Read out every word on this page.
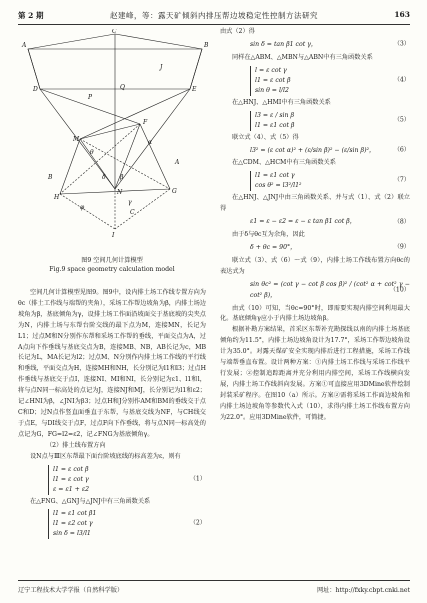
第 2 期	赵建峰，等：露天矿倾斜内排压帮边坡稳定性控制方法研究	163
A	B
C
D	E
M
F
N
H
G
I
J
Q
P
A
B
C
β
δ
γ
θ
α
φ
图9 空间几何计算模型
Fig.9 space geometry calculation model

空间几何计算模型见图9。图9中，设内排土场工作线专置方向为θc（排土工作线与端帮的夹角），采场工作帮边坡角为β，内排土场边坡角为β，基底倾角为γ，设排土场工作面沿坡面交于基底坡的尖夹点为N，内排土场与东帮台阶交线的最下点为M，连接MN，长记为L1；过点M和N分别作东帮和采场工作帮的垂线，平面交点为A，过A点向下作垂线与基底交点为B，连接MB、NB，AB长记为c，MB长记为L，MA长记为l2；过点M、N分别作内排土场工作线的平行线和垂线，平面交点为H，连接MH和NH，长分别记为l1和l3；过点H作垂线与基底交于点I，连接NI、MI和NI，长分别记为ε1、l1和l，将与点N同一标高处的点记为J，连接NJ和MJ，长分别记为l1和ε2；记∠HNI为β，∠JNI为β3；过点H和J分别作AM和BM的垂线交于点C和D；过N点作竖直面垂直于东帮，与基底交线为NF，与CH线交于点E，与DI线交于点F，过点F向下作垂线，将与点N同一标高处的点记为G，FG=l2=ε2，记∠FNG为基底倾角γ。

（2）排土线布置方向

设N点与Ⅲ区东帮最下面台阶坡底线的标高差为ε，则有

l1 = ε cot β
l1 = ε cot γ
ε = ε1 + ε2
（1）

在△FNG、△GNJ与△JNJ中有三角函数关系

l1 = ε1 cot β1
l1 = ε2 cot γ
sin δ = l3/l1
（2）

由式（2）得

sin δ = tan β1 cot γ，	（3）

同样在△ABM、△MBN与△ABN中有三角函数关系

l = ε cot γ
l1 = ε cot β
sin θ = l/l2
（4）

在△HNJ、△HMI中有三角函数关系

l3 = ε / sin β
l1 = ε1 cot β
（5）

联立式（4）、式（5）得

l3² = (ε cot α)² + (ε/sin β)² − (ε/sin β)²，	（6）

在△CDM、△HCM中有三角函数关系

l1 = ε1 cot γ
cos θ² = l3²/l1²
（7）

在△HNJ、△JNJ中由三角函数关系、并与式（1）、式（2）联立得

ε1 = ε − ε2 = ε − ε tan β1 cot β，	（8）

由于δ与θc互为余角，因此

δ + θc = 90°，	（9）

联立式（3）、式（6）～式（9），内排土场工作线布置方向θc的表达式为

sin θc² = (cot γ − cot β cos β)² / (cot² α + cot² γ − cot² β)，
（10）

由式（10）可知，当θc=90°时，即需要实现内排空间利用最大化。基底倾角γ应小于内排土场边坡角β。

根据补勘方案结果，首采区东帮补充勘探线以南的内排土场基底倾角约为11.5°，内排土场边坡角设计为17.7°，采场工作帮边坡角设计为35.0°。对露天煤矿安全实现内排后进行工程措施，采场工作线与端帮垂直布置。设计两种方案：①内排土场工作线与采场工作线平行发展；②控制追踪距离并充分利用内排空间，采场工作线横向发展，内排土场工作线斜向发展。方案①可直接应用3DMine软件绘制封装采矿程序。在图10（a）所示。方案②需将采场工作面边坡角和内排土场边坡角等参数代入式（10），求得内排土场工作线布置方向为22.0°。应用3DMine软件，可简捷。

辽宁工程技术大学学报（自然科学版）	网址：http://fxky.cbpt.cnki.net
